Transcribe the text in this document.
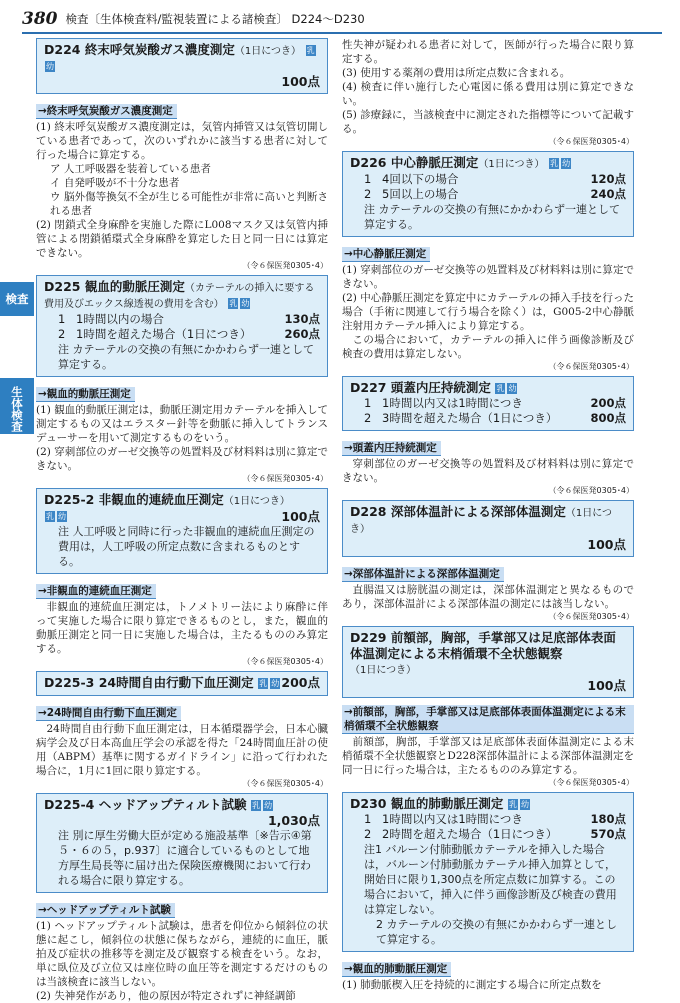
380 検査〔生体検査料/監視装置による諸検査〕 D224～D230
検査
生体検査
D224 終末呼気炭酸ガス濃度測定（1日につき） 乳幼
100点
→終末呼気炭酸ガス濃度測定

(1) 終末呼気炭酸ガス濃度測定は，気管内挿管又は気管切開している患者であって，次のいずれかに該当する患者に対して行った場合に算定する。

ア 人工呼吸器を装着している患者

イ 自発呼吸が不十分な患者

ウ 脳外傷等換気不全が生じる可能性が非常に高いと判断される患者

(2) 閉鎖式全身麻酔を実施した際にL008マスク又は気管内挿管による閉鎖循環式全身麻酔を算定した日と同一日には算定できない。

（令６保医発0305･4）
D225 観血的動脈圧測定（カテーテルの挿入に要する費用及びエックス線透視の費用を含む） 乳 幼
1 1時間以内の場合	130点
2 1時間を超えた場合（1日につき）	260点
注 カテーテルの交換の有無にかかわらず一連として算定する。
→観血的動脈圧測定

(1) 観血的動脈圧測定は，動脈圧測定用カテーテルを挿入して測定するもの又はエラスター針等を動脈に挿入してトランスデューサーを用いて測定するものをいう。

(2) 穿刺部位のガーゼ交換等の処置料及び材料料は別に算定できない。

（令６保医発0305･4）
D225-2 非観血的連続血圧測定（1日につき）
乳 幼	100点
注 人工呼吸と同時に行った非観血的連続血圧測定の費用は，人工呼吸の所定点数に含まれるものとする。
→非観血的連続血圧測定

非観血的連続血圧測定は，トノメトリー法により麻酔に伴って実施した場合に限り算定できるものとし，また，観血的動脈圧測定と同一日に実施した場合は，主たるもののみ算定する。

（令６保医発0305･4）
D225-3 24時間自由行動下血圧測定 乳 幼 200点
→24時間自由行動下血圧測定

24時間自由行動下血圧測定は，日本循環器学会，日本心臓病学会及び日本高血圧学会の承認を得た「24時間血圧計の使用（ABPM）基準に関するガイドライン」に沿って行われた場合に，1月に1回に限り算定する。

（令６保医発0305･4）
D225-4 ヘッドアップティルト試験 乳 幼
1,030点
注 別に厚生労働大臣が定める施設基準〔※告示④第５・６の５，p.937〕に適合しているものとして地方厚生局長等に届け出た保険医療機関において行われる場合に限り算定する。
→ヘッドアップティルト試験

(1) ヘッドアップティルト試験は，患者を仰位から傾斜位の状態に起こし，傾斜位の状態に保ちながら，連続的に血圧，脈拍及び症状の推移等を測定及び観察する検査をいう。なお，単に臥位及び立位又は座位時の血圧等を測定するだけのものは当該検査に該当しない。

(2) 失神発作があり，他の原因が特定されずに神経調節

性失神が疑われる患者に対して，医師が行った場合に限り算定する。

(3) 使用する薬剤の費用は所定点数に含まれる。

(4) 検査に伴い施行した心電図に係る費用は別に算定できない。

(5) 診療録に，当該検査中に測定された指標等について記載する。

（令６保医発0305･4）
D226 中心静脈圧測定（1日につき） 乳 幼
1 4回以下の場合	120点
2 5回以上の場合	240点
注 カテーテルの交換の有無にかかわらず一連として算定する。
→中心静脈圧測定

(1) 穿刺部位のガーゼ交換等の処置料及び材料料は別に算定できない。

(2) 中心静脈圧測定を算定中にカテーテルの挿入手技を行った場合（手術に関連して行う場合を除く）は，G005-2中心静脈注射用カテーテル挿入により算定する。

この場合において，カテーテルの挿入に伴う画像診断及び検査の費用は算定しない。

（令６保医発0305･4）
D227 頭蓋内圧持続測定 乳 幼
1 1時間以内又は1時間につき	200点
2 3時間を超えた場合（1日につき）	800点
→頭蓋内圧持続測定

穿刺部位のガーゼ交換等の処置料及び材料料は別に算定できない。

（令６保医発0305･4）
D228 深部体温計による深部体温測定（1日につき）
100点
→深部体温計による深部体温測定

直腸温又は膀胱温の測定は，深部体温測定と異なるものであり，深部体温計による深部体温の測定には該当しない。

（令６保医発0305･4）
D229 前額部，胸部，手掌部又は足底部体表面体温測定による末梢循環不全状態観察（1日につき）
100点
→前額部，胸部，手掌部又は足底部体表面体温測定による末梢循環不全状態観察

前額部，胸部，手掌部又は足底部体表面体温測定による末梢循環不全状態観察とD228深部体温計による深部体温測定を同一日に行った場合は，主たるもののみ算定する。

（令６保医発0305･4）
D230 観血的肺動脈圧測定 乳 幼
1 1時間以内又は1時間につき	180点
2 2時間を超えた場合（1日につき）	570点
注1 バルーン付肺動脈カテーテルを挿入した場合は，バルーン付肺動脈カテーテル挿入加算として，開始日に限り1,300点を所定点数に加算する。この場合において，挿入に伴う画像診断及び検査の費用は算定しない。
2 カテーテルの交換の有無にかかわらず一連として算定する。
→観血的肺動脈圧測定

(1) 肺動脈楔入圧を持続的に測定する場合に所定点数を
